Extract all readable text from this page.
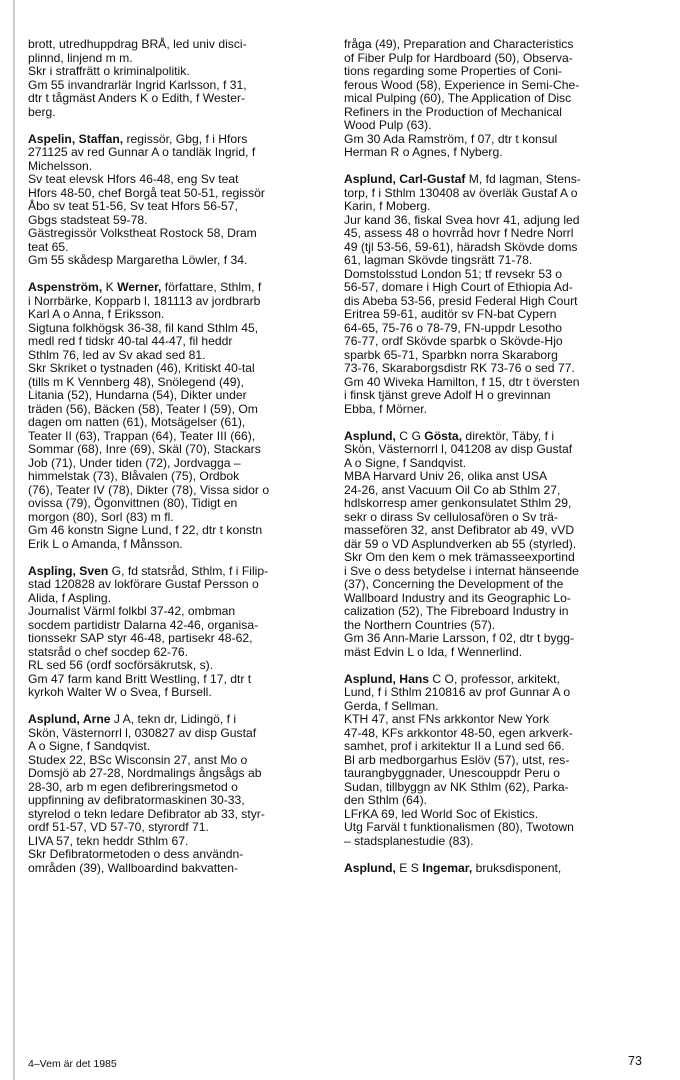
brott, utredhuppdrag BRÅ, led univ disci-
plinnd, linjend m m.
Skr i straffrätt o kriminalpolitik.
Gm 55 invandrarlär Ingrid Karlsson, f 31,
dtr t tågmäst Anders K o Edith, f Wester-
berg.
Aspelin, Staffan, regissör, Gbg, f i Hfors
271125 av red Gunnar A o tandläk Ingrid, f
Michelsson.
Sv teat elevsk Hfors 46-48, eng Sv teat
Hfors 48-50, chef Borgå teat 50-51, regissör
Åbo sv teat 51-56, Sv teat Hfors 56-57,
Gbgs stadsteat 59-78.
Gästregissör Volkstheat Rostock 58, Dram
teat 65.
Gm 55 skådesp Margaretha Löwler, f 34.
Aspenström, K Werner, författare, Sthlm, f
i Norrbärke, Kopparb l, 181113 av jordbrarb
Karl A o Anna, f Eriksson.
Sigtuna folkhögsk 36-38, fil kand Sthlm 45,
medl red f tidskr 40-tal 44-47, fil heddr
Sthlm 76, led av Sv akad sed 81.
Skr Skriket o tystnaden (46), Kritiskt 40-tal
(tills m K Vennberg 48), Snölegend (49),
Litania (52), Hundarna (54), Dikter under
träden (56), Bäcken (58), Teater I (59), Om
dagen om natten (61), Motsägelser (61),
Teater II (63), Trappan (64), Teater III (66),
Sommar (68), Inre (69), Skäl (70), Stackars
Job (71), Under tiden (72), Jordvagga –
himmelstak (73), Blåvalen (75), Ordbok
(76), Teater IV (78), Dikter (78), Vissa sidor o
ovissa (79), Ögonvittnen (80), Tidigt en
morgon (80), Sorl (83) m fl.
Gm 46 konstn Signe Lund, f 22, dtr t konstn
Erik L o Amanda, f Månsson.
Aspling, Sven G, fd statsråd, Sthlm, f i Filip-
stad 120828 av lokförare Gustaf Persson o
Alida, f Aspling.
Journalist Värml folkbl 37-42, ombman
socdem partidistr Dalarna 42-46, organisa-
tionssekr SAP styr 46-48, partisekr 48-62,
statsråd o chef socdep 62-76.
RL sed 56 (ordf socförsäkrutsk, s).
Gm 47 farm kand Britt Westling, f 17, dtr t
kyrkoh Walter W o Svea, f Bursell.
Asplund, Arne J A, tekn dr, Lidingö, f i
Skön, Västernorrl l, 030827 av disp Gustaf
A o Signe, f Sandqvist.
Studex 22, BSc Wisconsin 27, anst Mo o
Domsjö ab 27-28, Nordmalings ångsågs ab
28-30, arb m egen defibreringsmetod o
uppfinning av defibratormaskinen 30-33,
styrelod o tekn ledare Defibrator ab 33, styr-
ordf 51-57, VD 57-70, styrordf 71.
LIVA 57, tekn heddr Sthlm 67.
Skr Defibratormetoden o dess användn-
områden (39), Wallboardind bakvatten-
fråga (49), Preparation and Characteristics
of Fiber Pulp for Hardboard (50), Observa-
tions regarding some Properties of Coni-
ferous Wood (58), Experience in Semi-Che-
mical Pulping (60), The Application of Disc
Refiners in the Production of Mechanical
Wood Pulp (63).
Gm 30 Ada Ramström, f 07, dtr t konsul
Herman R o Agnes, f Nyberg.
Asplund, Carl-Gustaf M, fd lagman, Stens-
torp, f i Sthlm 130408 av överläk Gustaf A o
Karin, f Moberg.
Jur kand 36, fiskal Svea hovr 41, adjung led
45, assess 48 o hovrråd hovr f Nedre Norrl
49 (tjl 53-56, 59-61), häradsh Skövde doms
61, lagman Skövde tingsrätt 71-78.
Domstolsstud London 51; tf revsekr 53 o
56-57, domare i High Court of Ethiopia Ad-
dis Abeba 53-56, presid Federal High Court
Eritrea 59-61, auditör sv FN-bat Cypern
64-65, 75-76 o 78-79, FN-uppdr Lesotho
76-77, ordf Skövde sparbk o Skövde-Hjo
sparbk 65-71, Sparbkn norra Skaraborg
73-76, Skaraborgsdistr RK 73-76 o sed 77.
Gm 40 Wiveka Hamilton, f 15, dtr t översten
i finsk tjänst greve Adolf H o grevinnan
Ebba, f Mörner.
Asplund, C G Gösta, direktör, Täby, f i
Skön, Västernorrl l, 041208 av disp Gustaf
A o Signe, f Sandqvist.
MBA Harvard Univ 26, olika anst USA
24-26, anst Vacuum Oil Co ab Sthlm 27,
hdlskorresp amer genkonsulatet Sthlm 29,
sekr o dirass Sv cellulosafören o Sv trä-
massefören 32, anst Defibrator ab 49, vVD
där 59 o VD Asplundverken ab 55 (styrled).
Skr Om den kem o mek trämasseexportind
i Sve o dess betydelse i internat hänseende
(37), Concerning the Development of the
Wallboard Industry and its Geographic Lo-
calization (52), The Fibreboard Industry in
the Northern Countries (57).
Gm 36 Ann-Marie Larsson, f 02, dtr t bygg-
mäst Edvin L o Ida, f Wennerlind.
Asplund, Hans C O, professor, arkitekt,
Lund, f i Sthlm 210816 av prof Gunnar A o
Gerda, f Sellman.
KTH 47, anst FNs arkkontor New York
47-48, KFs arkkontor 48-50, egen arkverk-
samhet, prof i arkitektur II a Lund sed 66.
Bl arb medborgarhus Eslöv (57), utst, res-
taurangbyggnader, Unescouppdr Peru o
Sudan, tillbyggn av NK Sthlm (62), Parka-
den Sthlm (64).
LFrKA 69, led World Soc of Ekistics.
Utg Farväl t funktionalismen (80), Twotown
– stadsplanestudie (83).
Asplund, E S Ingemar, bruksdisponent,
4–Vem är det 1985	73
